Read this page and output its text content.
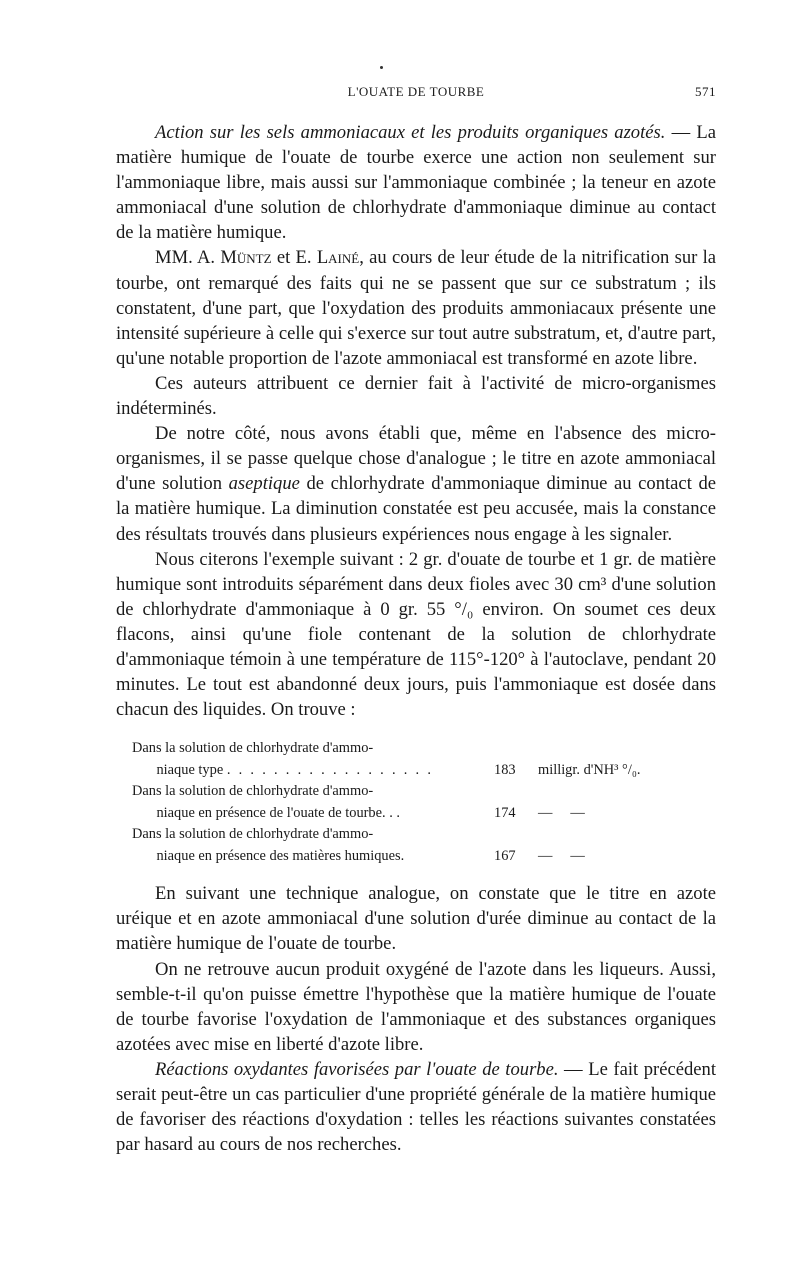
L'OUATE DE TOURBE	571

Action sur les sels ammoniacaux et les produits organiques azotés. — La matière humique de l'ouate de tourbe exerce une action non seulement sur l'ammoniaque libre, mais aussi sur l'ammoniaque combinée ; la teneur en azote ammoniacal d'une solution de chlorhydrate d'ammoniaque diminue au contact de la matière humique.

MM. A. Müntz et E. Lainé, au cours de leur étude de la nitrification sur la tourbe, ont remarqué des faits qui ne se passent que sur ce substratum ; ils constatent, d'une part, que l'oxydation des produits ammoniacaux présente une intensité supérieure à celle qui s'exerce sur tout autre substratum, et, d'autre part, qu'une notable proportion de l'azote ammoniacal est transformé en azote libre.

Ces auteurs attribuent ce dernier fait à l'activité de micro-organismes indéterminés.

De notre côté, nous avons établi que, même en l'absence des micro-organismes, il se passe quelque chose d'analogue ; le titre en azote ammoniacal d'une solution aseptique de chlorhydrate d'ammoniaque diminue au contact de la matière humique. La diminution constatée est peu accusée, mais la constance des résultats trouvés dans plusieurs expériences nous engage à les signaler.

Nous citerons l'exemple suivant : 2 gr. d'ouate de tourbe et 1 gr. de matière humique sont introduits séparément dans deux fioles avec 30 cm³ d'une solution de chlorhydrate d'ammoniaque à 0 gr. 55 °/₀ environ. On soumet ces deux flacons, ainsi qu'une fiole contenant de la solution de chlorhydrate d'ammoniaque témoin à une température de 115°-120° à l'autoclave, pendant 20 minutes. Le tout est abandonné deux jours, puis l'ammoniaque est dosée dans chacun des liquides. On trouve :

Dans la solution de chlorhydrate d'ammo-
niaque type . . . . . . . . . . . . . . . . . .	183	milligr. d'NH³ °/₀.

Dans la solution de chlorhydrate d'ammo-
niaque en présence de l'ouate de tourbe. . .	174	—     —

Dans la solution de chlorhydrate d'ammo-
niaque en présence des matières humiques.	167	—     —

En suivant une technique analogue, on constate que le titre en azote uréique et en azote ammoniacal d'une solution d'urée diminue au contact de la matière humique de l'ouate de tourbe.

On ne retrouve aucun produit oxygéné de l'azote dans les liqueurs. Aussi, semble-t-il qu'on puisse émettre l'hypothèse que la matière humique de l'ouate de tourbe favorise l'oxydation de l'ammoniaque et des substances organiques azotées avec mise en liberté d'azote libre.

Réactions oxydantes favorisées par l'ouate de tourbe. — Le fait précédent serait peut-être un cas particulier d'une propriété générale de la matière humique de favoriser des réactions d'oxydation : telles les réactions suivantes constatées par hasard au cours de nos recherches.
